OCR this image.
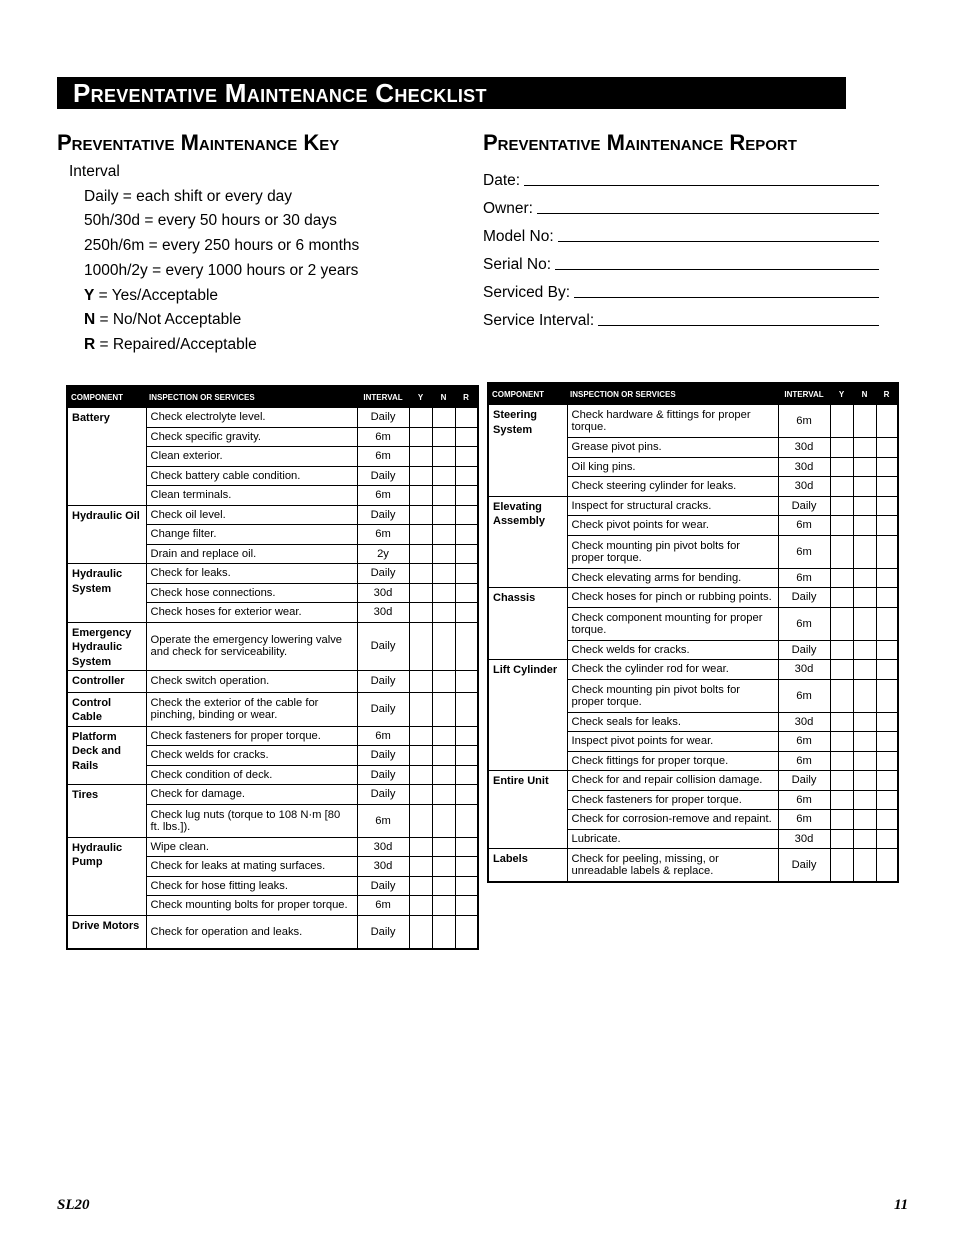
Preventative Maintenance Checklist
Preventative Maintenance Key	Preventative Maintenance Report
Interval
Daily = each shift or every day
50h/30d = every 50 hours or 30 days
250h/6m = every 250 hours or 6 months
1000h/2y = every 1000 hours or 2 years
Y = Yes/Acceptable
N = No/Not Acceptable
R = Repaired/Acceptable
Date:
Owner:
Model No:
Serial No:
Serviced By:
Service Interval:
COMPONENT	INSPECTION OR SERVICES	INTERVAL	Y	N	R
Battery	Check electrolyte level.	Daily			
	Check specific gravity.	6m			
	Clean exterior.	6m			
	Check battery cable condition.	Daily			
	Clean terminals.	6m			
Hydraulic Oil	Check oil level.	Daily			
	Change filter.	6m			
	Drain and replace oil.	2y			
Hydraulic System	Check for leaks.	Daily			
	Check hose connections.	30d			
	Check hoses for exterior wear.	30d			
Emergency Hydraulic System	Operate the emergency lowering valve and check for serviceability.	Daily			
Controller	Check switch operation.	Daily			
Control Cable	Check the exterior of the cable for pinching, binding or wear.	Daily			
Platform Deck and Rails	Check fasteners for proper torque.	6m			
	Check welds for cracks.	Daily			
	Check condition of deck.	Daily			
Tires	Check for damage.	Daily			
	Check lug nuts (torque to 108 N·m [80 ft. lbs.]).	6m			
Hydraulic Pump	Wipe clean.	30d			
	Check for leaks at mating surfaces.	30d			
	Check for hose fitting leaks.	Daily			
	Check mounting bolts for proper torque.	6m			
Drive Motors	Check for operation and leaks.	Daily			
COMPONENT	INSPECTION OR SERVICES	INTERVAL	Y	N	R
Steering System	Check hardware & fittings for proper torque.	6m			
	Grease pivot pins.	30d			
	Oil king pins.	30d			
	Check steering cylinder for leaks.	30d			
Elevating Assembly	Inspect for structural cracks.	Daily			
	Check pivot points for wear.	6m			
	Check mounting pin pivot bolts for proper torque.	6m			
	Check elevating arms for bending.	6m			
Chassis	Check hoses for pinch or rubbing points.	Daily			
	Check component mounting for proper torque.	6m			
	Check welds for cracks.	Daily			
Lift Cylinder	Check the cylinder rod for wear.	30d			
	Check mounting pin pivot bolts for proper torque.	6m			
	Check seals for leaks.	30d			
	Inspect pivot points for wear.	6m			
	Check fittings for proper torque.	6m			
Entire Unit	Check for and repair collision damage.	Daily			
	Check fasteners for proper torque.	6m			
	Check for corrosion-remove and repaint.	6m			
	Lubricate.	30d			
Labels	Check for peeling, missing, or unreadable labels & replace.	Daily			
SL20	11
